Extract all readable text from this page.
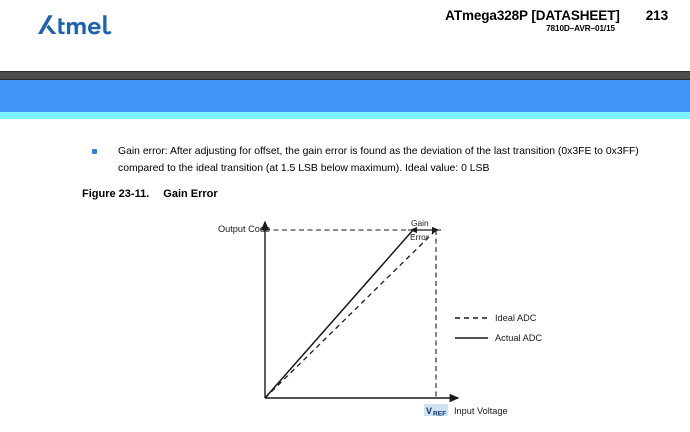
ATmega328P [DATASHEET] 213
7810D–AVR–01/15
Gain error: After adjusting for offset, the gain error is found as the deviation of the last transition (0x3FE to 0x3FF) compared to the ideal transition (at 1.5 LSB below maximum). Ideal value: 0 LSB
Figure 23-11. Gain Error
Output Code
Gain
Error
V REF Input Voltage
Ideal ADC
Actual ADC
